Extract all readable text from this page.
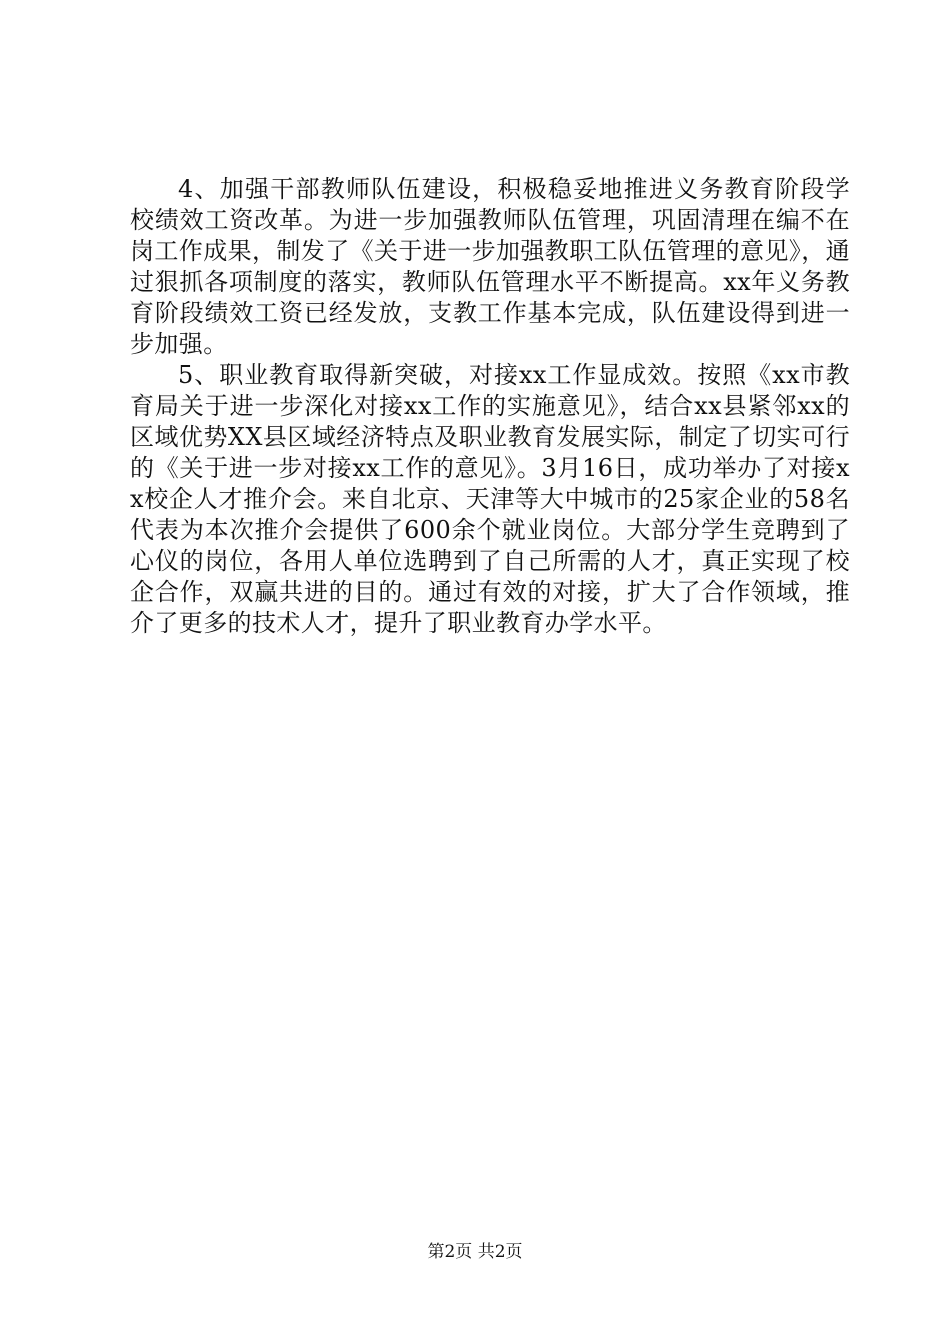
4、加强干部教师队伍建设，积极稳妥地推进义务教育阶段学校绩效工资改革。为进一步加强教师队伍管理，巩固清理在编不在岗工作成果，制发了《关于进一步加强教职工队伍管理的意见》，通过狠抓各项制度的落实，教师队伍管理水平不断提高。xx年义务教育阶段绩效工资已经发放，支教工作基本完成，队伍建设得到进一步加强。

5、职业教育取得新突破，对接xx工作显成效。按照《xx市教育局关于进一步深化对接xx工作的实施意见》，结合xx县紧邻xx的区域优势XX县区域经济特点及职业教育发展实际，制定了切实可行的《关于进一步对接xx工作的意见》。3月16日，成功举办了对接xx校企人才推介会。来自北京、天津等大中城市的25家企业的58名代表为本次推介会提供了600余个就业岗位。大部分学生竞聘到了心仪的岗位，各用人单位选聘到了自己所需的人才，真正实现了校企合作，双赢共进的目的。通过有效的对接，扩大了合作领域，推介了更多的技术人才，提升了职业教育办学水平。

第2页 共2页
